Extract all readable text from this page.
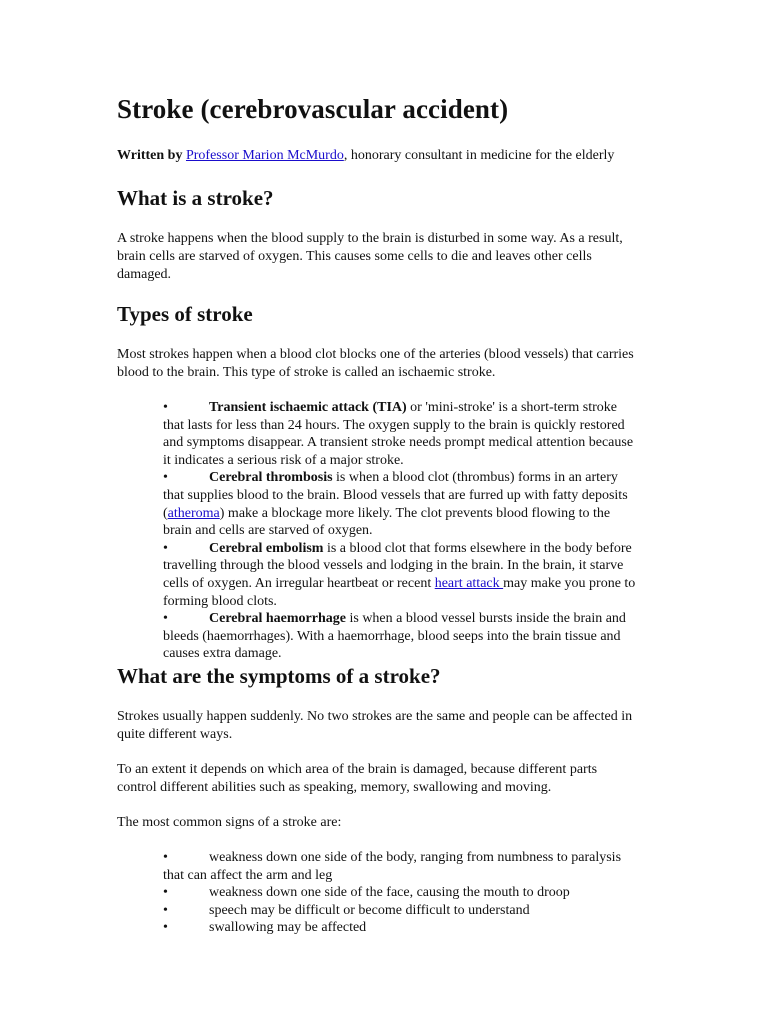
Stroke (cerebrovascular accident)

Written by Professor Marion McMurdo, honorary consultant in medicine for the elderly

What is a stroke?

A stroke happens when the blood supply to the brain is disturbed in some way. As a result, brain cells are starved of oxygen. This causes some cells to die and leaves other cells damaged.

Types of stroke

Most strokes happen when a blood clot blocks one of the arteries (blood vessels) that carries blood to the brain. This type of stroke is called an ischaemic stroke.

•	Transient ischaemic attack (TIA) or 'mini-stroke' is a short-term stroke that lasts for less than 24 hours. The oxygen supply to the brain is quickly restored and symptoms disappear. A transient stroke needs prompt medical attention because it indicates a serious risk of a major stroke.
•	Cerebral thrombosis is when a blood clot (thrombus) forms in an artery that supplies blood to the brain. Blood vessels that are furred up with fatty deposits (atheroma) make a blockage more likely. The clot prevents blood flowing to the brain and cells are starved of oxygen.
•	Cerebral embolism is a blood clot that forms elsewhere in the body before travelling through the blood vessels and lodging in the brain. In the brain, it starve cells of oxygen. An irregular heartbeat or recent heart attack may make you prone to forming blood clots.
•	Cerebral haemorrhage is when a blood vessel bursts inside the brain and bleeds (haemorrhages). With a haemorrhage, blood seeps into the brain tissue and causes extra damage.
What are the symptoms of a stroke?

Strokes usually happen suddenly. No two strokes are the same and people can be affected in quite different ways.

To an extent it depends on which area of the brain is damaged, because different parts control different abilities such as speaking, memory, swallowing and moving.

The most common signs of a stroke are:

•	weakness down one side of the body, ranging from numbness to paralysis that can affect the arm and leg
•	weakness down one side of the face, causing the mouth to droop
•	speech may be difficult or become difficult to understand
•	swallowing may be affected
